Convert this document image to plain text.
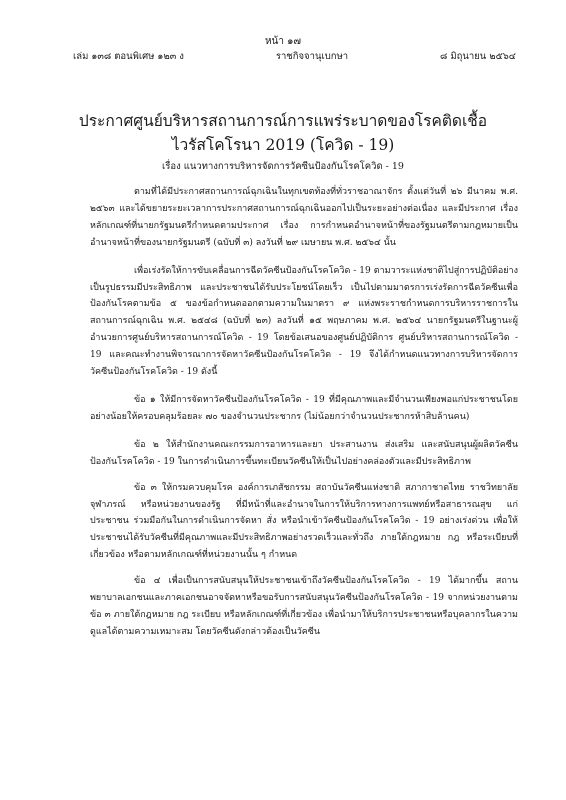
หน้า ๑๗
เล่ม ๑๓๘ ตอนพิเศษ ๑๒๓ ง	ราชกิจจานุเบกษา	๘ มิถุนายน ๒๕๖๔
ประกาศศูนย์บริหารสถานการณ์การแพร่ระบาดของโรคติดเชื้อ
ไวรัสโคโรนา 2019 (โควิด - 19)
เรื่อง แนวทางการบริหารจัดการวัคซีนป้องกันโรคโควิด - 19

ตามที่ได้มีประกาศสถานการณ์ฉุกเฉินในทุกเขตท้องที่ทั่วราชอาณาจักร ตั้งแต่วันที่ ๒๖ มีนาคม พ.ศ. ๒๕๖๓ และได้ขยายระยะเวลาการประกาศสถานการณ์ฉุกเฉินออกไปเป็นระยะอย่างต่อเนื่อง และมีประกาศ เรื่อง หลักเกณฑ์ที่นายกรัฐมนตรีกำหนดตามประกาศ เรื่อง การกำหนดอำนาจหน้าที่ของรัฐมนตรีตามกฎหมายเป็นอำนาจหน้าที่ของนายกรัฐมนตรี (ฉบับที่ ๓) ลงวันที่ ๒๙ เมษายน พ.ศ. ๒๕๖๔ นั้น

เพื่อเร่งรัดให้การขับเคลื่อนการฉีดวัคซีนป้องกันโรคโควิด - 19 ตามวาระแห่งชาติไปสู่การปฏิบัติอย่างเป็นรูปธรรมมีประสิทธิภาพ และประชาชนได้รับประโยชน์โดยเร็ว เป็นไปตามมาตรการเร่งรัดการฉีดวัคซีนเพื่อป้องกันโรคตามข้อ ๕ ของข้อกำหนดออกตามความในมาตรา ๙ แห่งพระราชกำหนดการบริหารราชการในสถานการณ์ฉุกเฉิน พ.ศ. ๒๕๔๘ (ฉบับที่ ๒๓) ลงวันที่ ๑๕ พฤษภาคม พ.ศ. ๒๕๖๔ นายกรัฐมนตรีในฐานะผู้อำนวยการศูนย์บริหารสถานการณ์โควิด - 19 โดยข้อเสนอของศูนย์ปฏิบัติการ ศูนย์บริหารสถานการณ์โควิด - 19 และคณะทำงานพิจารณาการจัดหาวัคซีนป้องกันโรคโควิด - 19 จึงได้กำหนดแนวทางการบริหารจัดการวัคซีนป้องกันโรคโควิด - 19 ดังนี้

ข้อ ๑ ให้มีการจัดหาวัคซีนป้องกันโรคโควิด - 19 ที่มีคุณภาพและมีจำนวนเพียงพอแก่ประชาชนโดยอย่างน้อยให้ครอบคลุมร้อยละ ๗๐ ของจำนวนประชากร (ไม่น้อยกว่าจำนวนประชากรห้าสิบล้านคน)

ข้อ ๒ ให้สำนักงานคณะกรรมการอาหารและยา ประสานงาน ส่งเสริม และสนับสนุนผู้ผลิตวัคซีนป้องกันโรคโควิด - 19 ในการดำเนินการขึ้นทะเบียนวัคซีนให้เป็นไปอย่างคล่องตัวและมีประสิทธิภาพ

ข้อ ๓ ให้กรมควบคุมโรค องค์การเภสัชกรรม สถาบันวัคซีนแห่งชาติ สภากาชาดไทย ราชวิทยาลัยจุฬาภรณ์ หรือหน่วยงานของรัฐ ที่มีหน้าที่และอำนาจในการให้บริการทางการแพทย์หรือสาธารณสุข แก่ประชาชน ร่วมมือกันในการดำเนินการจัดหา สั่ง หรือนำเข้าวัคซีนป้องกันโรคโควิด - 19 อย่างเร่งด่วน เพื่อให้ประชาชนได้รับวัคซีนที่มีคุณภาพและมีประสิทธิภาพอย่างรวดเร็วและทั่วถึง ภายใต้กฎหมาย กฎ หรือระเบียบที่เกี่ยวข้อง หรือตามหลักเกณฑ์ที่หน่วยงานนั้น ๆ กำหนด

ข้อ ๔ เพื่อเป็นการสนับสนุนให้ประชาชนเข้าถึงวัคซีนป้องกันโรคโควิด - 19 ได้มากขึ้น สถานพยาบาลเอกชนและภาคเอกชนอาจจัดหาหรือขอรับการสนับสนุนวัคซีนป้องกันโรคโควิด - 19 จากหน่วยงานตามข้อ ๓ ภายใต้กฎหมาย กฎ ระเบียบ หรือหลักเกณฑ์ที่เกี่ยวข้อง เพื่อนำมาให้บริการประชาชนหรือบุคลากรในความดูแลได้ตามความเหมาะสม โดยวัคซีนดังกล่าวต้องเป็นวัคซีน
